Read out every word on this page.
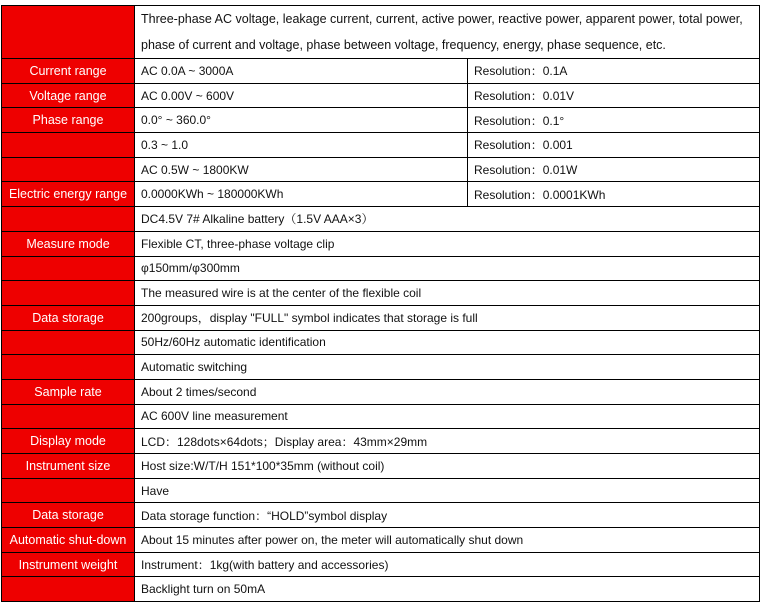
	Three-phase AC voltage, leakage current, current, active power, reactive power, apparent power, total power, phase of current and voltage, phase between voltage, frequency, energy, phase sequence, etc.	
Current range	AC 0.0A ~ 3000A	Resolution：0.1A
Voltage range	AC 0.00V ~ 600V	Resolution：0.01V
Phase range	0.0° ~ 360.0°	Resolution：0.1°
	0.3 ~ 1.0	Resolution：0.001
	AC 0.5W ~ 1800KW	Resolution：0.01W
Electric energy range	0.0000KWh ~ 180000KWh	Resolution：0.0001KWh
	DC4.5V 7# Alkaline battery（1.5V AAA×3）	
Measure mode	Flexible CT, three-phase voltage clip	
	φ150mm/φ300mm	
	The measured wire is at the center of the flexible coil	
Data storage	200groups，display "FULL" symbol indicates that storage is full	
	50Hz/60Hz automatic identification	
	Automatic switching	
Sample rate	About 2 times/second	
	AC 600V line measurement	
Display mode	LCD：128dots×64dots；Display area：43mm×29mm	
Instrument size	Host size:W/T/H 151*100*35mm (without coil)	
	Have	
Data storage	Data storage function：“HOLD”symbol display	
Automatic shut-down	About 15 minutes after power on, the meter will automatically shut down	
Instrument weight	Instrument：1kg(with battery and accessories)	
	Backlight turn on 50mA	
